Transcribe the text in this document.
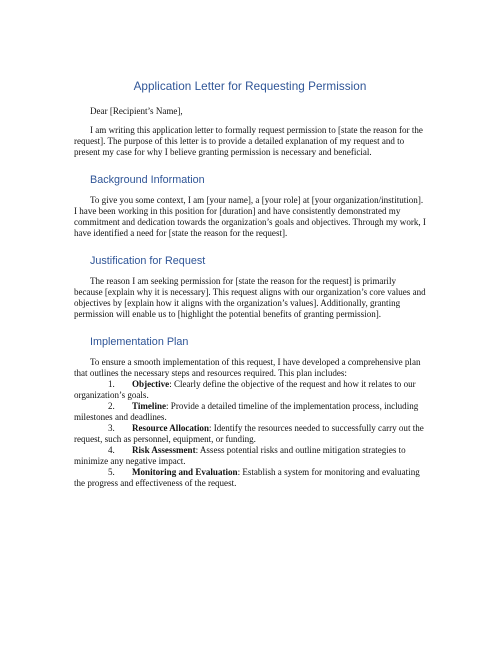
Application Letter for Requesting Permission

Dear [Recipient’s Name],

I am writing this application letter to formally request permission to [state the reason for the request]. The purpose of this letter is to provide a detailed explanation of my request and to present my case for why I believe granting permission is necessary and beneficial.

Background Information

To give you some context, I am [your name], a [your role] at [your organization/institution]. I have been working in this position for [duration] and have consistently demonstrated my commitment and dedication towards the organization’s goals and objectives. Through my work, I have identified a need for [state the reason for the request].

Justification for Request

The reason I am seeking permission for [state the reason for the request] is primarily because [explain why it is necessary]. This request aligns with our organization’s core values and objectives by [explain how it aligns with the organization’s values]. Additionally, granting permission will enable us to [highlight the potential benefits of granting permission].

Implementation Plan

To ensure a smooth implementation of this request, I have developed a comprehensive plan that outlines the necessary steps and resources required. This plan includes:

1. Objective: Clearly define the objective of the request and how it relates to our organization’s goals.
2. Timeline: Provide a detailed timeline of the implementation process, including milestones and deadlines.
3. Resource Allocation: Identify the resources needed to successfully carry out the request, such as personnel, equipment, or funding.
4. Risk Assessment: Assess potential risks and outline mitigation strategies to minimize any negative impact.
5. Monitoring and Evaluation: Establish a system for monitoring and evaluating the progress and effectiveness of the request.
